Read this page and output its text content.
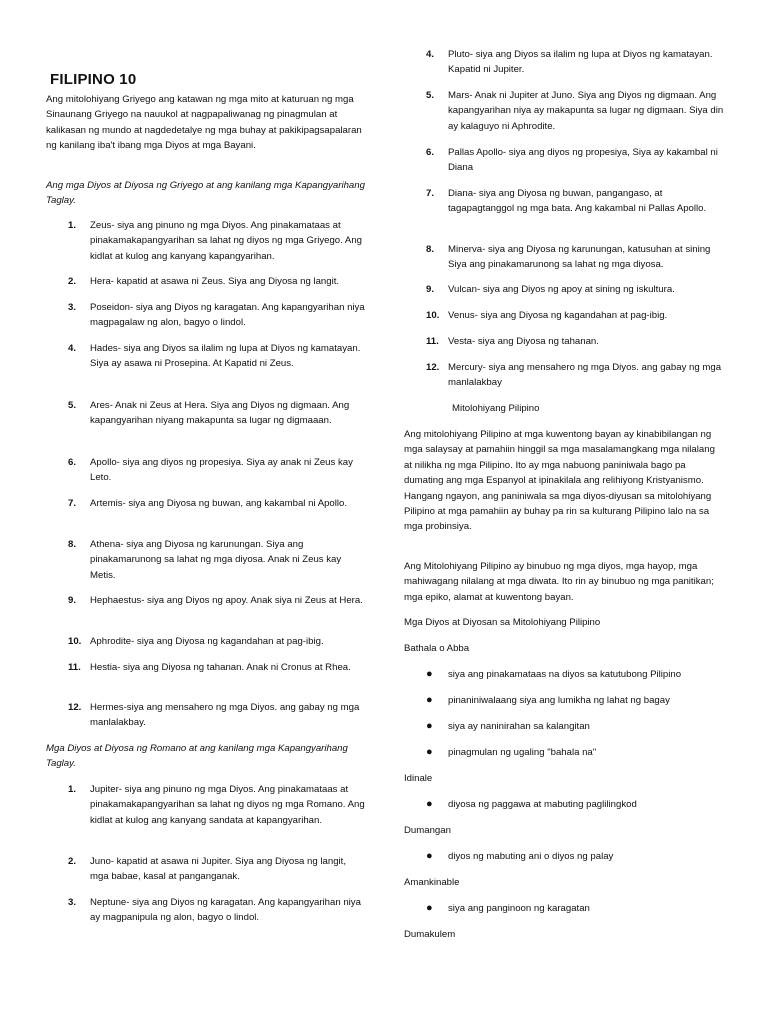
FILIPINO 10

Ang mitolohiyang Griyego ang katawan ng mga mito at katuruan ng mga Sinaunang Griyego na nauukol at nagpapaliwanag ng pinagmulan at kalikasan ng mundo at nagdedetalye ng mga buhay at pakikipagsapalaran ng kanilang iba't ibang mga Diyos at mga Bayani.

Ang mga Diyos at Diyosa ng Griyego at ang kanilang mga Kapangyarihang Taglay.

1.	Zeus- siya ang pinuno ng mga Diyos. Ang pinakamataas at pinakamakapangyarihan sa lahat ng diyos ng mga Griyego. Ang kidlat at kulog ang kanyang kapangyarihan.
2.	Hera- kapatid at asawa ni Zeus. Siya ang Diyosa ng langit.
3.	Poseidon- siya ang Diyos ng karagatan. Ang kapangyarihan niya magpagalaw ng alon, bagyo o lindol.
4.	Hades- siya ang Diyos sa ilalim ng lupa at Diyos ng kamatayan. Siya ay asawa ni Prosepina. At Kapatid ni Zeus.
5.	Ares- Anak ni Zeus at Hera. Siya ang Diyos ng digmaan. Ang kapangyarihan niyang makapunta sa lugar ng digmaaan.
6.	Apollo- siya ang diyos ng propesiya. Siya ay anak ni Zeus kay Leto.
7.	Artemis- siya ang Diyosa ng buwan, ang kakambal ni Apollo.
8.	Athena- siya ang Diyosa ng karunungan. Siya ang pinakamarunong sa lahat ng mga diyosa. Anak ni Zeus kay Metis.
9.	Hephaestus- siya ang Diyos ng apoy. Anak siya ni Zeus at Hera.
10. Aphrodite- siya ang Diyosa ng kagandahan at pag-ibig.
11. Hestia- siya ang Diyosa ng tahanan. Anak ni Cronus at Rhea.
12. Hermes-siya ang mensahero ng mga Diyos. ang gabay ng mga manlalakbay.

Mga Diyos at Diyosa ng Romano at ang kanilang mga Kapangyarihang Taglay.

1.	Jupiter- siya ang pinuno ng mga Diyos. Ang pinakamataas at pinakamakapangyarihan sa lahat ng diyos ng mga Romano. Ang kidlat at kulog ang kanyang sandata at kapangyarihan.
2.	Juno- kapatid at asawa ni Jupiter. Siya ang Diyosa ng langit, mga babae, kasal at panganganak.
3.	Neptune- siya ang Diyos ng karagatan. Ang kapangyarihan niya ay magpanipula ng alon, bagyo o lindol.
4.	Pluto- siya ang Diyos sa ilalim ng lupa at Diyos ng kamatayan. Kapatid ni Jupiter.
5.	Mars- Anak ni Jupiter at Juno. Siya ang Diyos ng digmaan. Ang kapangyarihan niya ay makapunta sa lugar ng digmaan. Siya din ay kalaguyo ni Aphrodite.
6.	Pallas Apollo- siya ang diyos ng propesiya, Siya ay kakambal ni Diana
7.	Diana- siya ang Diyosa ng buwan, pangangaso, at tagapagtanggol ng mga bata. Ang kakambal ni Pallas Apollo.
8.	Minerva- siya ang Diyosa ng karunungan, katusuhan at sining Siya ang pinakamarunong sa lahat ng mga diyosa.
9.	Vulcan- siya ang Diyos ng apoy at sining ng iskultura.
10. Venus- siya ang Diyosa ng kagandahan at pag-ibig.
11. Vesta- siya ang Diyosa ng tahanan.
12. Mercury- siya ang mensahero ng mga Diyos. ang gabay ng mga manlalakbay

Mitolohiyang Pilipino

Ang mitolohiyang Pilipino at mga kuwentong bayan ay kinabibilangan ng mga salaysay at pamahiin hinggil sa mga masalamangkang mga nilalang at nilikha ng mga Pilipino. Ito ay mga nabuong paniniwala bago pa dumating ang mga Espanyol at ipinakilala ang relihiyong Kristyanismo. Hangang ngayon, ang paniniwala sa mga diyos-diyusan sa mitolohiyang Pilipino at mga pamahiin ay buhay pa rin sa kulturang Pilipino lalo na sa mga probinsiya.

Ang Mitolohiyang Pilipino ay binubuo ng mga diyos, mga hayop, mga mahiwagang nilalang at mga diwata. Ito rin ay binubuo ng mga panitikan; mga epiko, alamat at kuwentong bayan.

Mga Diyos at Diyosan sa Mitolohiyang Pilipino

Bathala o Abba

●	siya ang pinakamataas na diyos sa katutubong Pilipino
●	pinaniniwalaang siya ang lumikha ng lahat ng bagay
●	siya ay naninirahan sa kalangitan
●	pinagmulan ng ugaling "bahala na"

Idinale

●	diyosa ng paggawa at mabuting paglilingkod

Dumangan

●	diyos ng mabuting ani o diyos ng palay

Amankinable

●	siya ang panginoon ng karagatan

Dumakulem
